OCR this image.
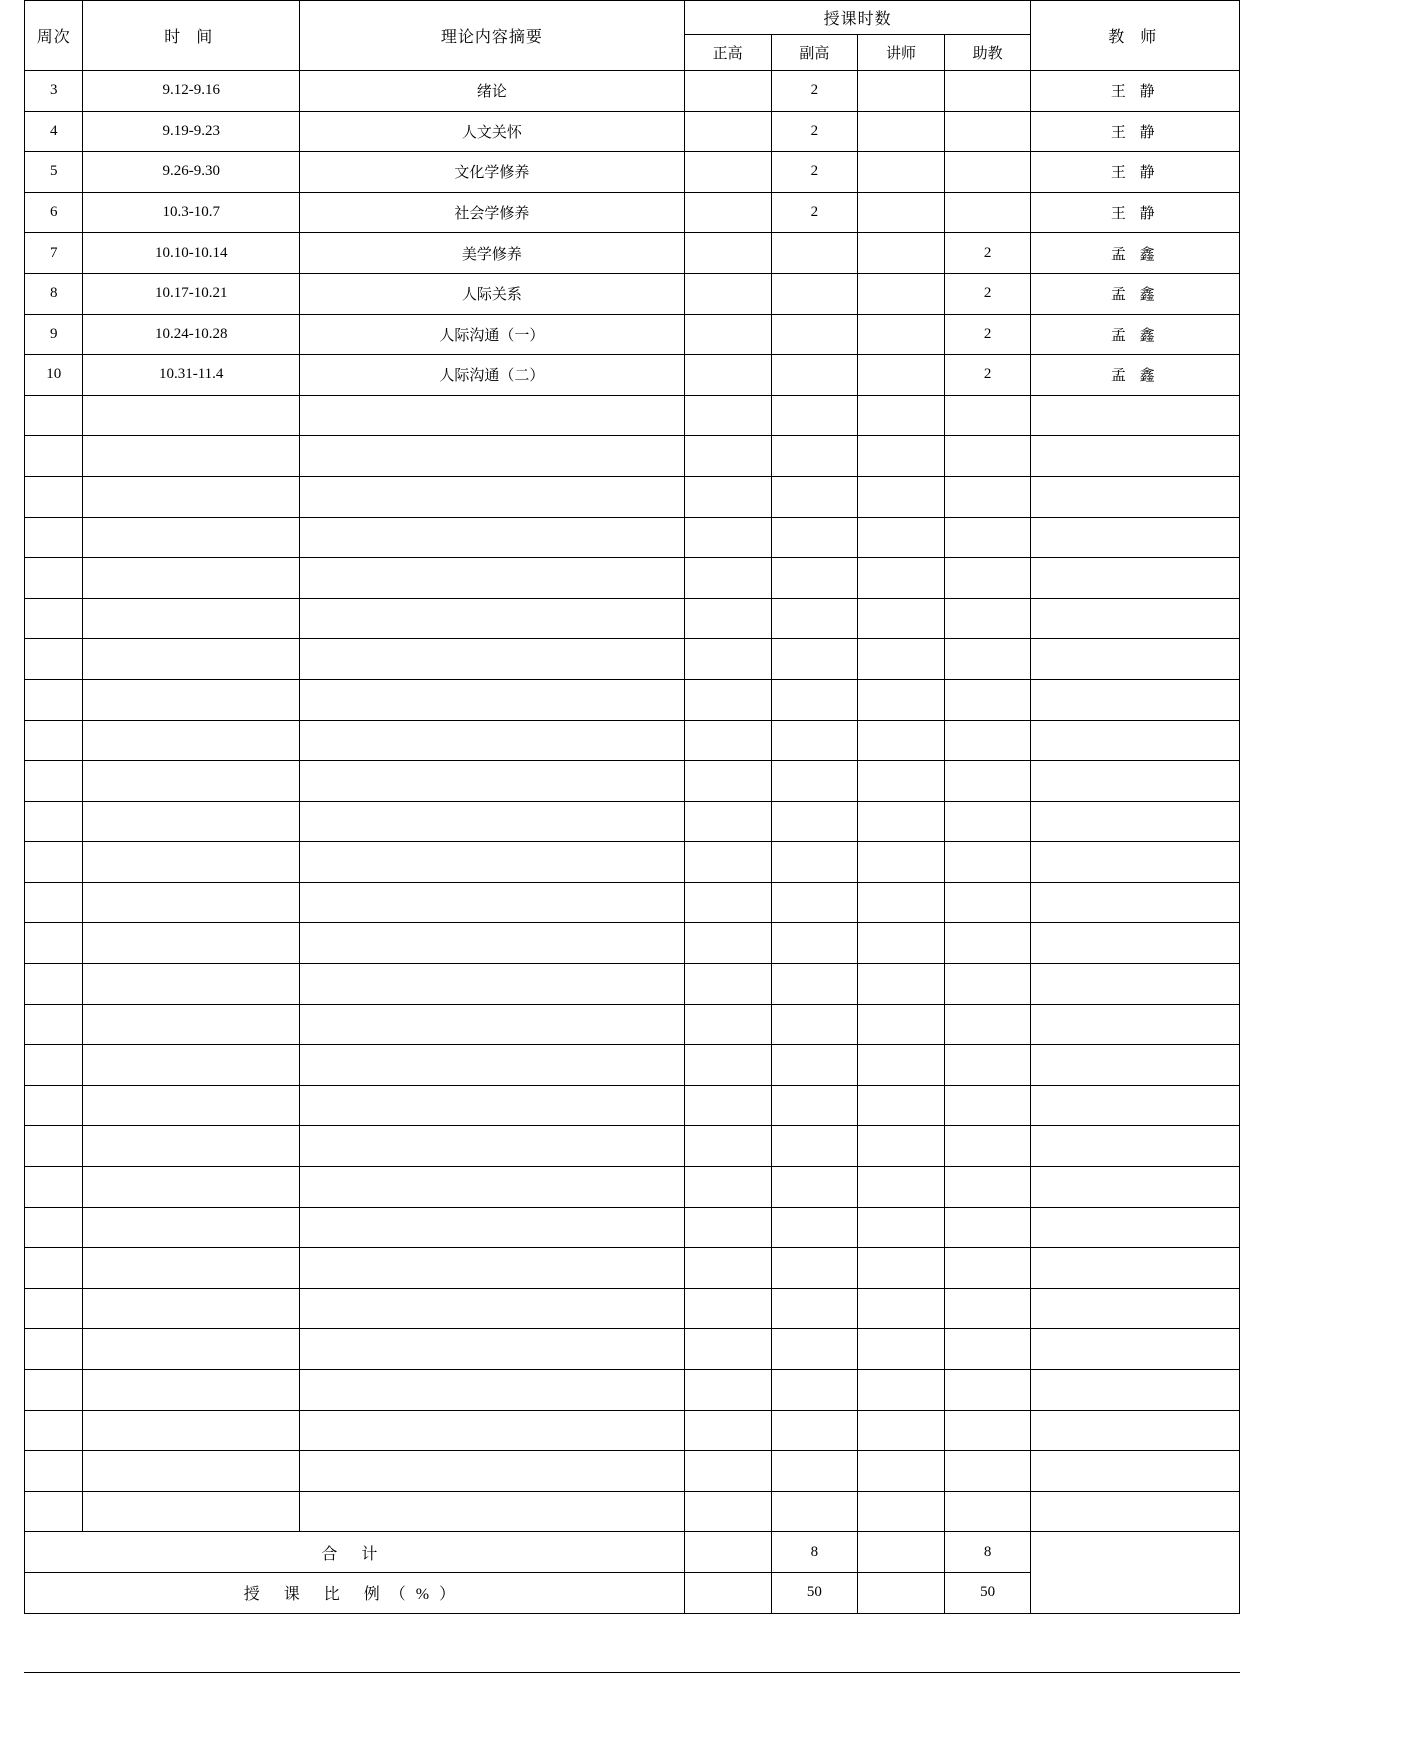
周次	时 间	理论内容摘要	授课时数				教 师
			正高	副高	讲师	助教	
3	9.12-9.16	绪论		2			王 静
4	9.19-9.23	人文关怀		2			王 静
5	9.26-9.30	文化学修养		2			王 静
6	10.3-10.7	社会学修养		2			王 静
7	10.10-10.14	美学修养				2	孟 鑫
8	10.17-10.21	人际关系				2	孟 鑫
9	10.24-10.28	人际沟通（一）				2	孟 鑫
10	10.31-11.4	人际沟通（二）				2	孟 鑫

合 计				8		8	
授 课 比 例（%）				50		50	
